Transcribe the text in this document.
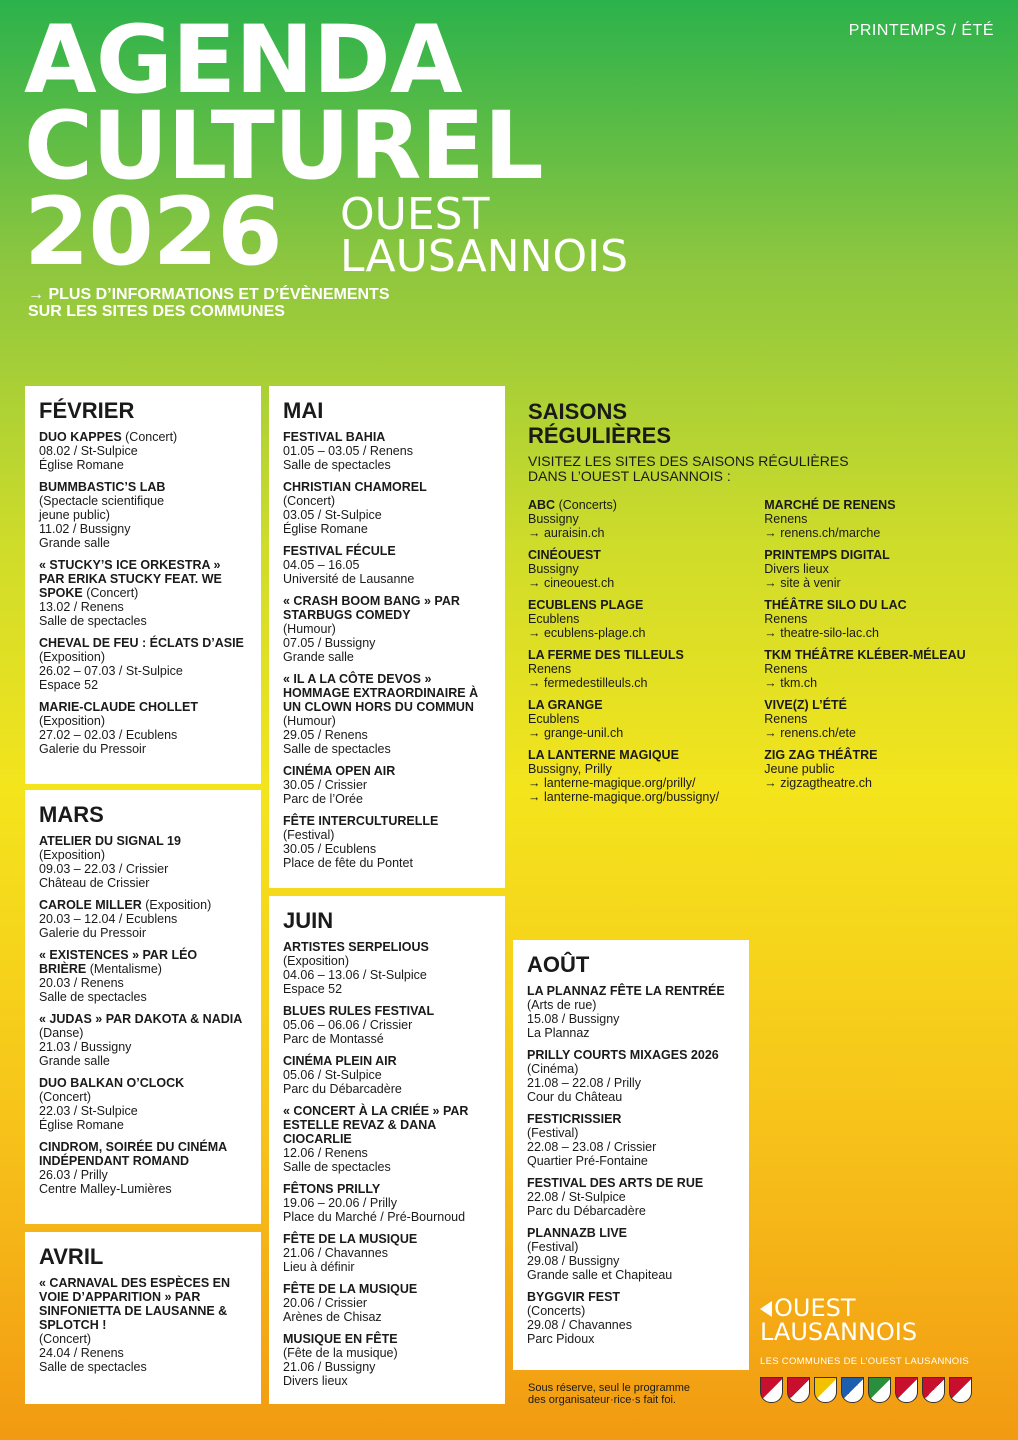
PRINTEMPS / ÉTÉ
AGENDA
CULTUREL
2026	OUEST
LAUSANNOIS
→ PLUS D’INFORMATIONS ET D’ÉVÈNEMENTS
SUR LES SITES DES COMMUNES
FÉVRIER
DUO KAPPES (Concert)
08.02 / St-Sulpice
Église Romane
BUMMBASTIC’S LAB
(Spectacle scientifique
jeune public)
11.02 / Bussigny
Grande salle
« STUCKY’S ICE ORKESTRA » PAR ERIKA STUCKY FEAT. WE SPOKE (Concert)
13.02 / Renens
Salle de spectacles
CHEVAL DE FEU : ÉCLATS D’ASIE
(Exposition)
26.02 – 07.03 / St-Sulpice
Espace 52
MARIE-CLAUDE CHOLLET
(Exposition)
27.02 – 02.03 / Ecublens
Galerie du Pressoir
MARS
ATELIER DU SIGNAL 19
(Exposition)
09.03 – 22.03 / Crissier
Château de Crissier
CAROLE MILLER (Exposition)
20.03 – 12.04 / Ecublens
Galerie du Pressoir
« EXISTENCES » PAR LÉO BRIÈRE (Mentalisme)
20.03 / Renens
Salle de spectacles
« JUDAS » PAR DAKOTA & NADIA (Danse)
21.03 / Bussigny
Grande salle
DUO BALKAN O’CLOCK
(Concert)
22.03 / St-Sulpice
Église Romane
CINDROM, SOIRÉE DU CINÉMA INDÉPENDANT ROMAND
26.03 / Prilly
Centre Malley-Lumières
AVRIL
« CARNAVAL DES ESPÈCES EN VOIE D’APPARITION » PAR SINFONIETTA DE LAUSANNE & SPLOTCH !
(Concert)
24.04 / Renens
Salle de spectacles
MAI
FESTIVAL BAHIA
01.05 – 03.05 / Renens
Salle de spectacles
CHRISTIAN CHAMOREL
(Concert)
03.05 / St-Sulpice
Église Romane
FESTIVAL FÉCULE
04.05 – 16.05
Université de Lausanne
« CRASH BOOM BANG » PAR STARBUGS COMEDY
(Humour)
07.05 / Bussigny
Grande salle
« IL A LA CÔTE DEVOS » HOMMAGE EXTRAORDINAIRE À UN CLOWN HORS DU COMMUN (Humour)
29.05 / Renens
Salle de spectacles
CINÉMA OPEN AIR
30.05 / Crissier
Parc de l’Orée
FÊTE INTERCULTURELLE
(Festival)
30.05 / Ecublens
Place de fête du Pontet
JUIN
ARTISTES SERPELIOUS
(Exposition)
04.06 – 13.06 / St-Sulpice
Espace 52
BLUES RULES FESTIVAL
05.06 – 06.06 / Crissier
Parc de Montassé
CINÉMA PLEIN AIR
05.06 / St-Sulpice
Parc du Débarcadère
« CONCERT À LA CRIÉE » PAR ESTELLE REVAZ & DANA CIOCARLIE
12.06 / Renens
Salle de spectacles
FÊTONS PRILLY
19.06 – 20.06 / Prilly
Place du Marché / Pré-Bournoud
FÊTE DE LA MUSIQUE
21.06 / Chavannes
Lieu à définir
FÊTE DE LA MUSIQUE
20.06 / Crissier
Arènes de Chisaz
MUSIQUE EN FÊTE
(Fête de la musique)
21.06 / Bussigny
Divers lieux
AOÛT
LA PLANNAZ FÊTE LA RENTRÉE
(Arts de rue)
15.08 / Bussigny
La Plannaz
PRILLY COURTS MIXAGES 2026
(Cinéma)
21.08 – 22.08 / Prilly
Cour du Château
FESTICRISSIER
(Festival)
22.08 – 23.08 / Crissier
Quartier Pré-Fontaine
FESTIVAL DES ARTS DE RUE
22.08 / St-Sulpice
Parc du Débarcadère
PLANNAZB LIVE
(Festival)
29.08 / Bussigny
Grande salle et Chapiteau
BYGGVIR FEST
(Concerts)
29.08 / Chavannes
Parc Pidoux
SAISONS
RÉGULIÈRES
VISITEZ LES SITES DES SAISONS RÉGULIÈRES
DANS L’OUEST LAUSANNOIS :
ABC (Concerts)
Bussigny
→ auraisin.ch
CINÉOUEST
Bussigny
→ cineouest.ch
ECUBLENS PLAGE
Ecublens
→ ecublens-plage.ch
LA FERME DES TILLEULS
Renens
→ fermedestilleuls.ch
LA GRANGE
Ecublens
→ grange-unil.ch
LA LANTERNE MAGIQUE
Bussigny, Prilly
→ lanterne-magique.org/prilly/
→ lanterne-magique.org/bussigny/
MARCHÉ DE RENENS
Renens
→ renens.ch/marche
PRINTEMPS DIGITAL
Divers lieux
→ site à venir
THÉÂTRE SILO DU LAC
Renens
→ theatre-silo-lac.ch
TKM THÉÂTRE KLÉBER-MÉLEAU
Renens
→ tkm.ch
VIVE(Z) L’ÉTÉ
Renens
→ renens.ch/ete
ZIG ZAG THÉÂTRE
Jeune public
→ zigzagtheatre.ch
OUEST
LAUSANNOIS
LES COMMUNES DE L’OUEST LAUSANNOIS
Sous réserve, seul le programme
des organisateur·rice·s fait foi.
